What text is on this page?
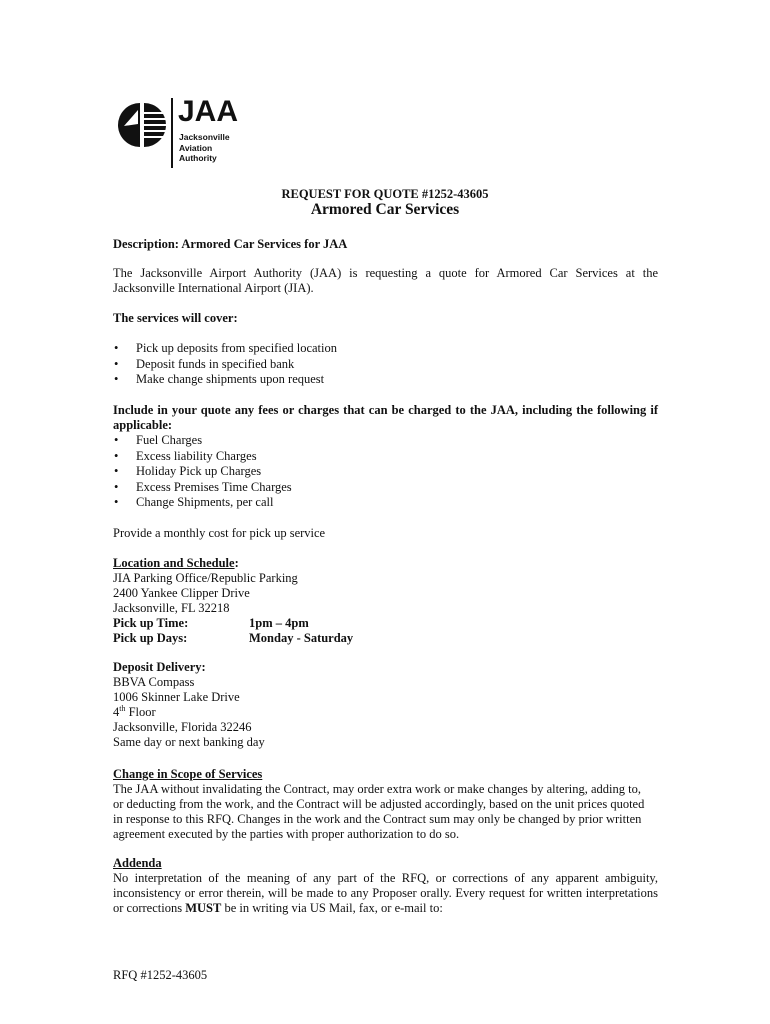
JAA
Jacksonville
Aviation
Authority
REQUEST FOR QUOTE #1252-43605
Armored Car Services
Description: Armored Car Services for JAA
The Jacksonville Airport Authority (JAA) is requesting a quote for Armored Car Services at the
Jacksonville International Airport (JIA).
The services will cover:
• Pick up deposits from specified location
• Deposit funds in specified bank
• Make change shipments upon request
Include in your quote any fees or charges that can be charged to the JAA, including the following if
applicable:
• Fuel Charges
• Excess liability Charges
• Holiday Pick up Charges
• Excess Premises Time Charges
• Change Shipments, per call
Provide a monthly cost for pick up service
Location and Schedule:
JIA Parking Office/Republic Parking
2400 Yankee Clipper Drive
Jacksonville, FL 32218
Pick up Time:	1pm – 4pm
Pick up Days:	Monday - Saturday
Deposit Delivery:
BBVA Compass
1006 Skinner Lake Drive
4th Floor
Jacksonville, Florida 32246
Same day or next banking day
Change in Scope of Services
The JAA without invalidating the Contract, may order extra work or make changes by altering, adding to,
or deducting from the work, and the Contract will be adjusted accordingly, based on the unit prices quoted
in response to this RFQ. Changes in the work and the Contract sum may only be changed by prior written
agreement executed by the parties with proper authorization to do so.
Addenda
No interpretation of the meaning of any part of the RFQ, or corrections of any apparent ambiguity,
inconsistency or error therein, will be made to any Proposer orally. Every request for written interpretations
or corrections MUST be in writing via US Mail, fax, or e-mail to:
RFQ #1252-43605
